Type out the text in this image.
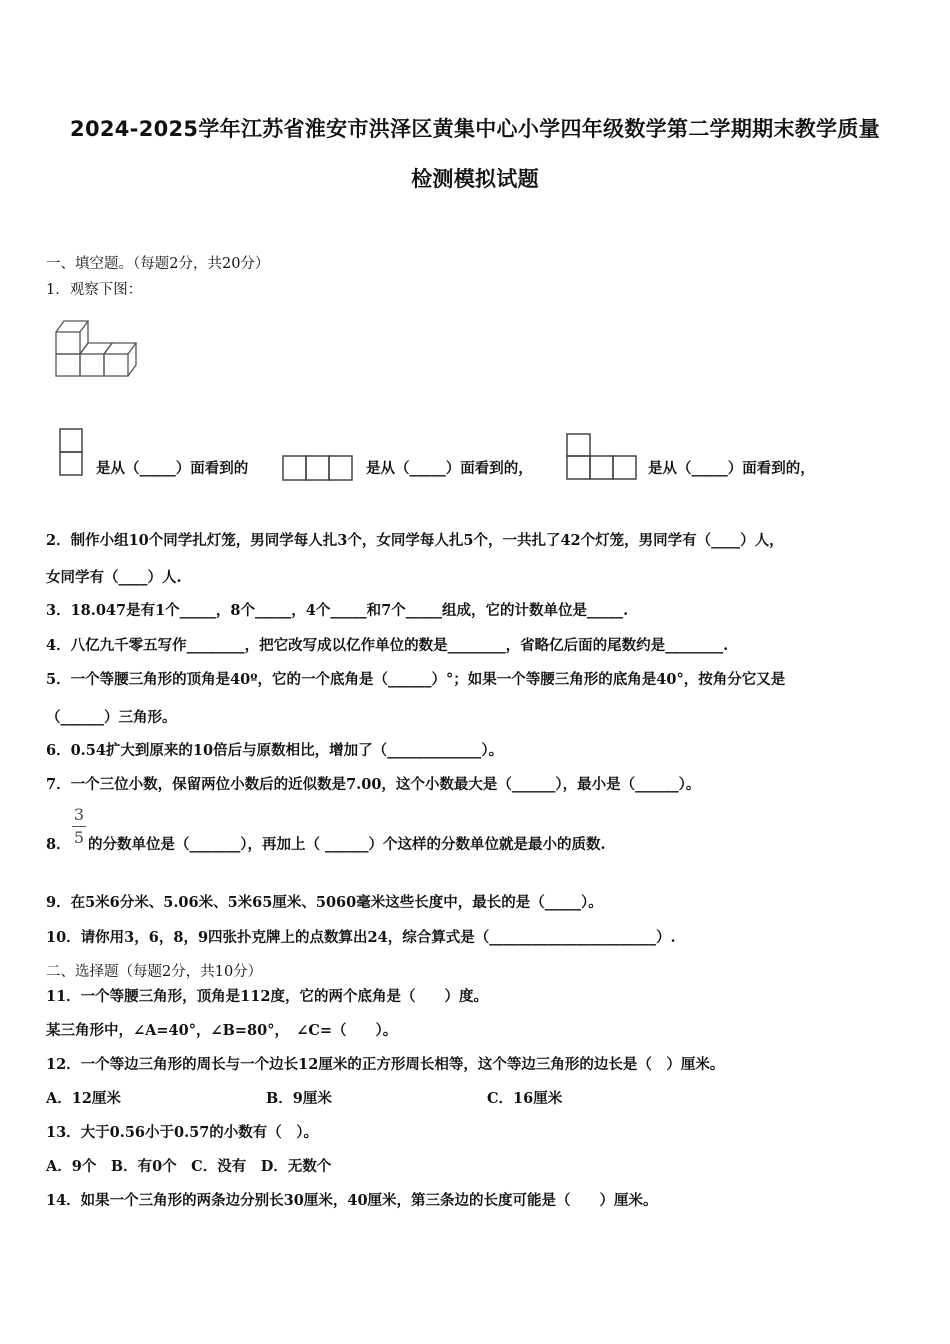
2024-2025学年江苏省淮安市洪泽区黄集中心小学四年级数学第二学期期末教学质量
检测模拟试题
一、填空题。（每题2分，共20分）
1．观察下图：
是从（_____）面看到的	是从（_____）面看到的，	是从（_____）面看到的，
2．制作小组10个同学扎灯笼，男同学每人扎3个，女同学每人扎5个，一共扎了42个灯笼，男同学有（____）人，
女同学有（____）人.
3．18.047是有1个_____，8个_____，4个_____和7个_____组成，它的计数单位是_____.
4．八亿九千零五写作________，把它改写成以亿作单位的数是________，省略亿后面的尾数约是________.
5．一个等腰三角形的顶角是40º，它的一个底角是（______）°；如果一个等腰三角形的底角是40°，按角分它又是
（______）三角形。
6．0.54扩大到原来的10倍后与原数相比，增加了（_____________）。
7．一个三位小数，保留两位小数后的近似数是7.00，这个小数最大是（______），最小是（______）。
3
5
8． 的分数单位是（_______），再加上（ ______）个这样的分数单位就是最小的质数.
9．在5米6分米、5.06米、5米65厘米、5060毫米这些长度中，最长的是（_____）。
10．请你用3，6，8，9四张扑克牌上的点数算出24，综合算式是（_______________________）.
二、选择题（每题2分，共10分）
11．一个等腰三角形，顶角是112度，它的两个底角是（　　）度。
某三角形中，∠A=40°，∠B=80°，　∠C=（　　）。
12．一个等边三角形的周长与一个边长12厘米的正方形周长相等，这个等边三角形的边长是（　）厘米。
A．12厘米	B．9厘米	C．16厘米
13．大于0.56小于0.57的小数有（　）。
A．9个　B．有0个　C．没有　D．无数个
14．如果一个三角形的两条边分别长30厘米，40厘米，第三条边的长度可能是（　　）厘米。
